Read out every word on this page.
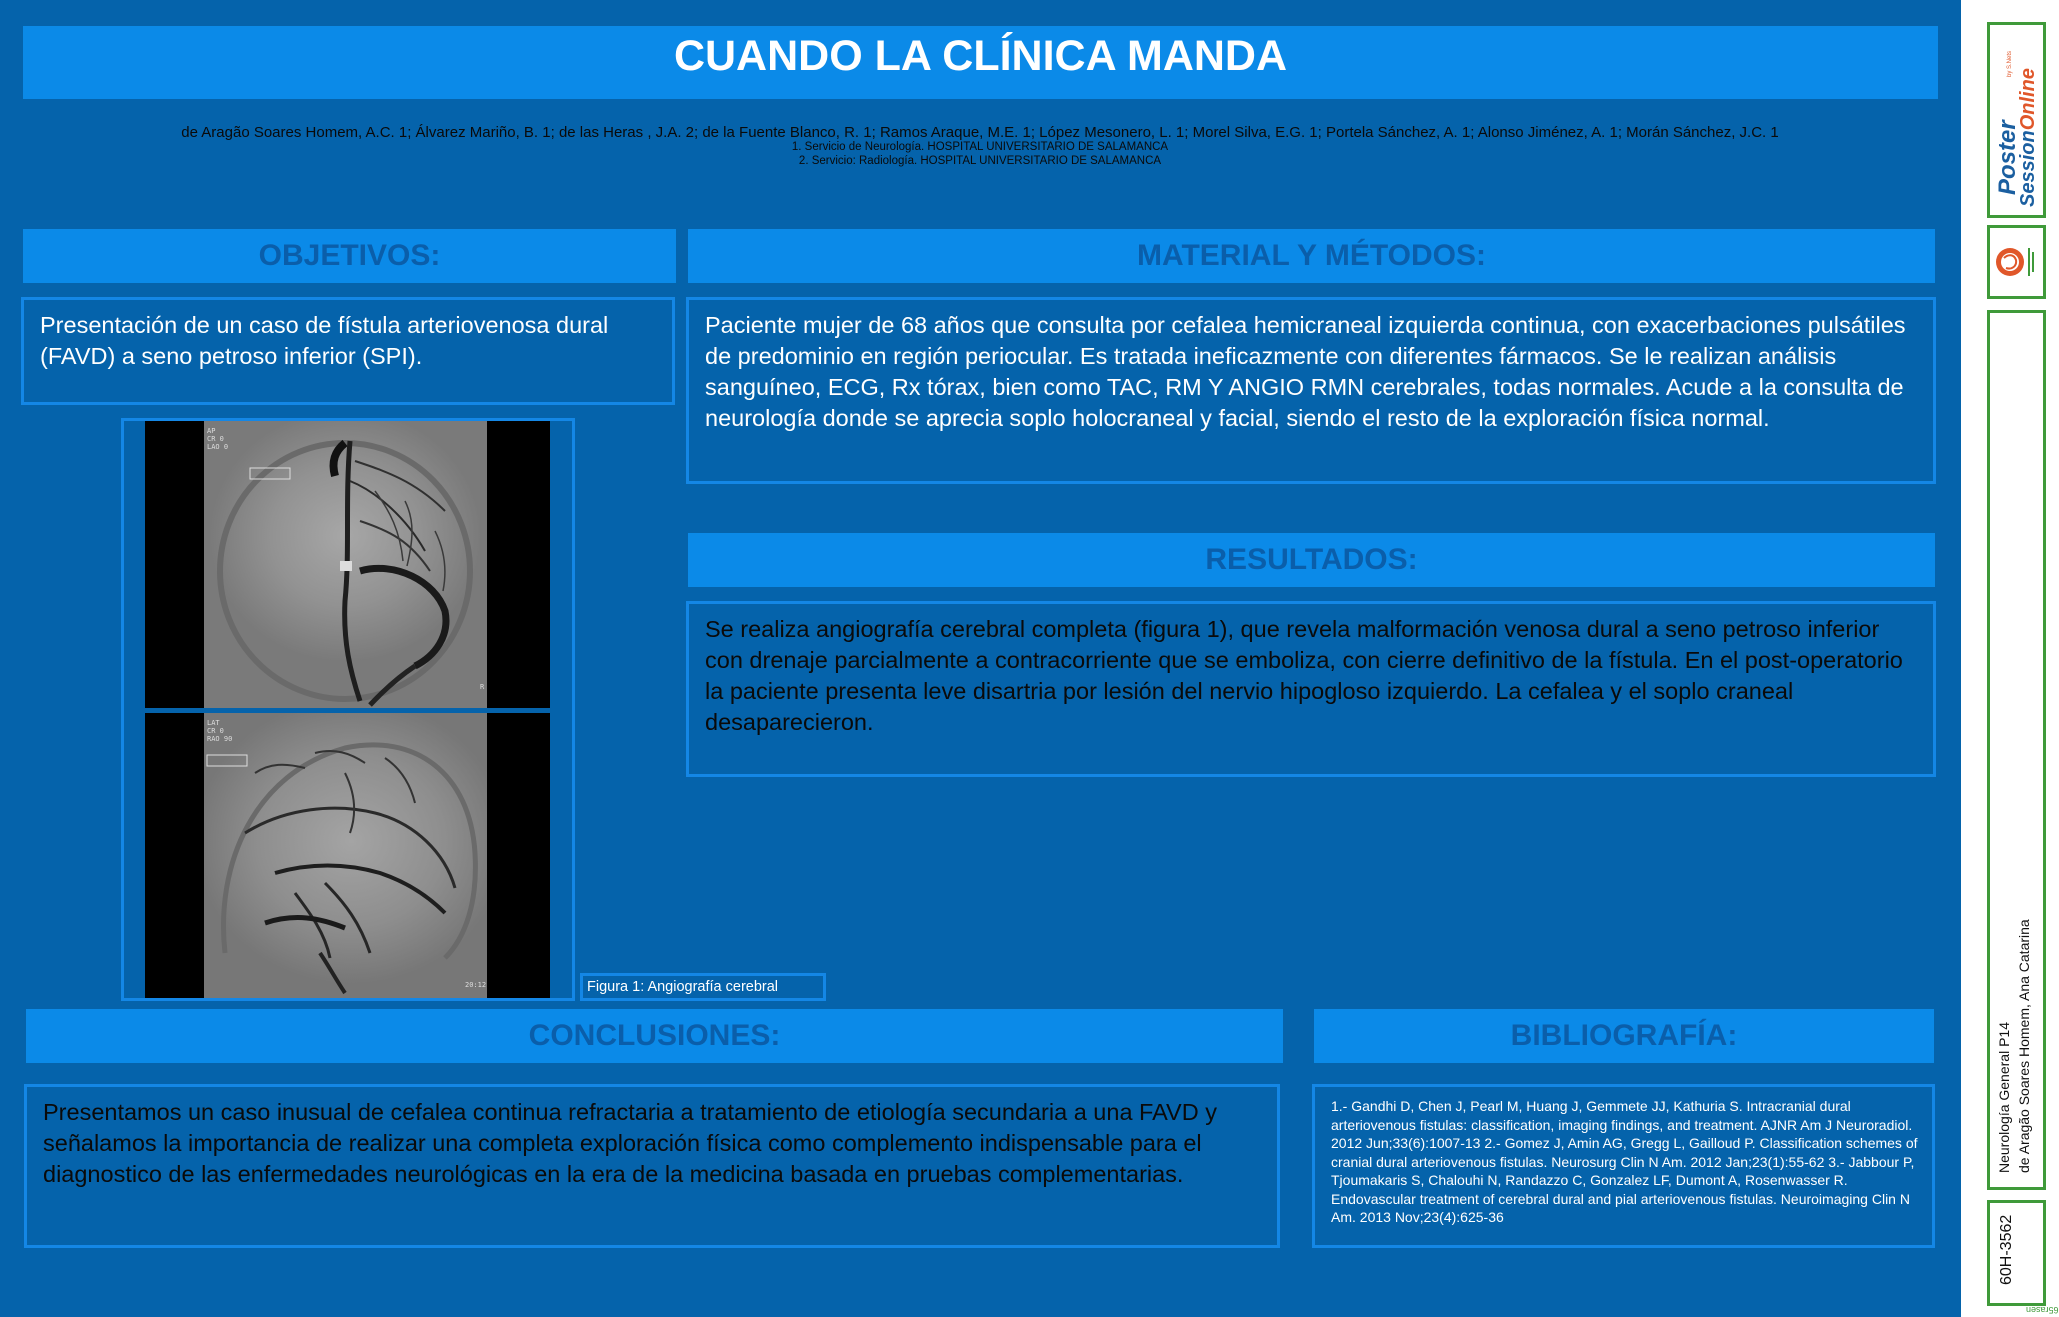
CUANDO LA CLÍNICA MANDA
de Aragão Soares Homem, A.C. 1; Álvarez Mariño, B. 1; de las Heras , J.A. 2; de la Fuente Blanco, R. 1; Ramos Araque, M.E. 1; López Mesonero, L. 1; Morel Silva, E.G. 1; Portela Sánchez, A. 1; Alonso Jiménez, A. 1; Morán Sánchez, J.C. 1
1. Servicio de Neurología. HOSPITAL UNIVERSITARIO DE SALAMANCA
2. Servicio: Radiología. HOSPITAL UNIVERSITARIO DE SALAMANCA
OBJETIVOS:
Presentación de un caso de fístula arteriovenosa dural (FAVD) a seno petroso inferior (SPI).
AP
CR 0
LAO 0
R
LAT
CR 0
RAO 90
20:12	Figura 1: Angiografía cerebral
MATERIAL Y MÉTODOS:
Paciente mujer de 68 años que consulta por cefalea hemicraneal izquierda continua, con exacerbaciones pulsátiles de predominio en región periocular. Es tratada ineficazmente con diferentes fármacos. Se le realizan análisis sanguíneo, ECG, Rx tórax, bien como TAC, RM Y ANGIO RMN cerebrales, todas normales. Acude a la consulta de neurología donde se aprecia soplo holocraneal y facial, siendo el resto de la exploración física normal.
RESULTADOS:
Se realiza angiografía cerebral completa (figura 1), que revela malformación venosa dural a seno petroso inferior con drenaje parcialmente a contracorriente que se emboliza, con cierre definitivo de la fístula. En el post-operatorio la paciente presenta leve disartria por lesión del nervio hipogloso izquierdo. La cefalea y el soplo craneal desaparecieron.
CONCLUSIONES:
Presentamos un caso inusual de cefalea continua refractaria a tratamiento de etiología secundaria a una FAVD y señalamos la importancia de realizar una completa exploración física como complemento indispensable para el diagnostico de las enfermedades neurológicas en la era de la medicina basada en pruebas complementarias.
BIBLIOGRAFÍA:
1.- Gandhi D, Chen J, Pearl M, Huang J, Gemmete JJ, Kathuria S. Intracranial dural arteriovenous fistulas: classification, imaging findings, and treatment. AJNR Am J Neuroradiol. 2012 Jun;33(6):1007-13 2.- Gomez J, Amin AG, Gregg L, Gailloud P. Classification schemes of cranial dural arteriovenous fistulas. Neurosurg Clin N Am. 2012 Jan;23(1):55-62 3.- Jabbour P, Tjoumakaris S, Chalouhi N, Randazzo C, Gonzalez LF, Dumont A, Rosenwasser R. Endovascular treatment of cerebral dural and pial arteriovenous fistulas. Neuroimaging Clin N Am. 2013 Nov;23(4):625-36
Poster
SessionOnline
by S.Nets
Neurología General P14 de Aragão Soares Homem, Ana Catarina
60H-3562
65rasen
